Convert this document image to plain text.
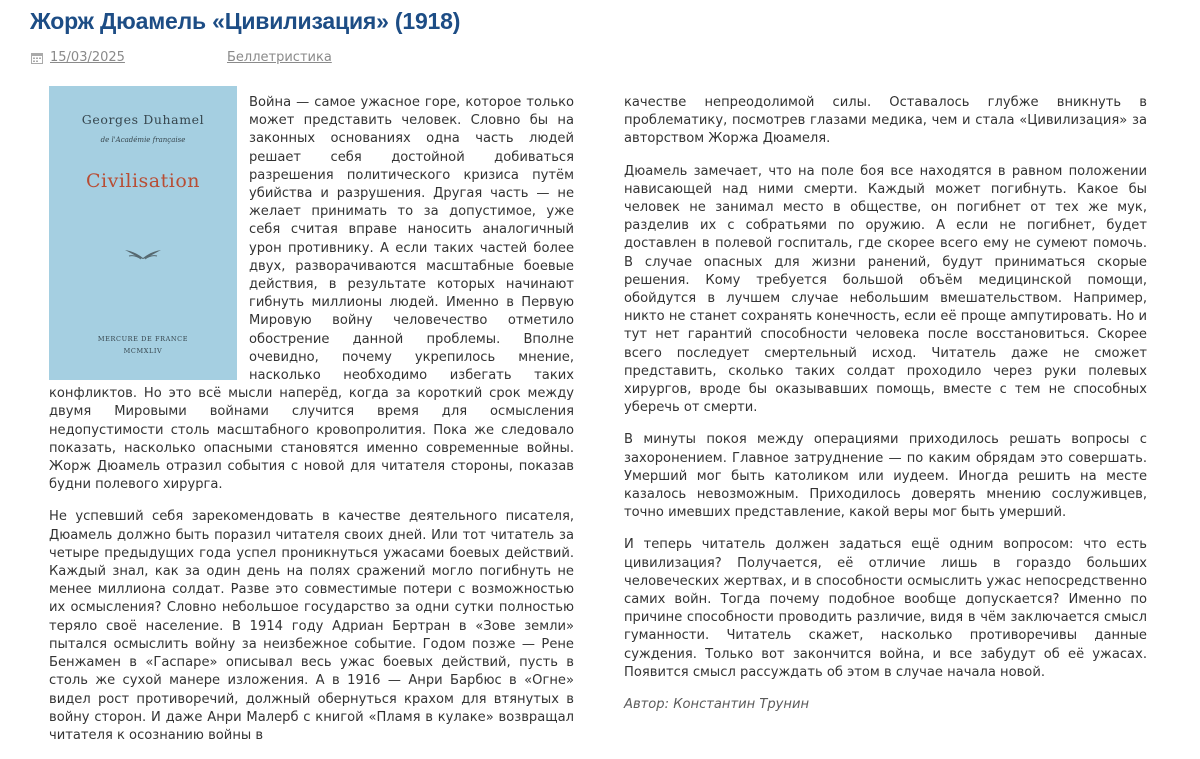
Жорж Дюамель «Цивилизация» (1918)
15/03/2025	Беллетристика
Georges Duhamel
de l'Académie française
Civilisation
MERCURE DE FRANCE
MCMXLIV

Война — самое ужасное горе, которое только может представить человек. Словно бы на законных основаниях одна часть людей решает себя достойной добиваться разрешения политического кризиса путём убийства и разрушения. Другая часть — не желает принимать то за допустимое, уже себя считая вправе наносить аналогичный урон противнику. А если таких частей более двух, разворачиваются масштабные боевые действия, в результате которых начинают гибнуть миллионы людей. Именно в Первую Мировую войну человечество отметило обострение данной проблемы. Вполне очевидно, почему укрепилось мнение, насколько необходимо избегать таких конфликтов. Но это всё мысли наперёд, когда за короткий срок между двумя Мировыми войнами случится время для осмысления недопустимости столь масштабного кровопролития. Пока же следовало показать, насколько опасными становятся именно современные войны. Жорж Дюамель отразил события с новой для читателя стороны, показав будни полевого хирурга.

Не успевший себя зарекомендовать в качестве деятельного писателя, Дюамель должно быть поразил читателя своих дней. Или тот читатель за четыре предыдущих года успел проникнуться ужасами боевых действий. Каждый знал, как за один день на полях сражений могло погибнуть не менее миллиона солдат. Разве это совместимые потери с возможностью их осмысления? Словно небольшое государство за одни сутки полностью теряло своё население. В 1914 году Адриан Бертран в «Зове земли» пытался осмыслить войну за неизбежное событие. Годом позже — Рене Бенжамен в «Гаспаре» описывал весь ужас боевых действий, пусть в столь же сухой манере изложения. А в 1916 — Анри Барбюс в «Огне» видел рост противоречий, должный обернуться крахом для втянутых в войну сторон. И даже Анри Малерб с книгой «Пламя в кулаке» возвращал читателя к осознанию войны в

качестве непреодолимой силы. Оставалось глубже вникнуть в проблематику, посмотрев глазами медика, чем и стала «Цивилизация» за авторством Жоржа Дюамеля.

Дюамель замечает, что на поле боя все находятся в равном положении нависающей над ними смерти. Каждый может погибнуть. Какое бы человек не занимал место в обществе, он погибнет от тех же мук, разделив их с собратьями по оружию. А если не погибнет, будет доставлен в полевой госпиталь, где скорее всего ему не сумеют помочь. В случае опасных для жизни ранений, будут приниматься скорые решения. Кому требуется большой объём медицинской помощи, обойдутся в лучшем случае небольшим вмешательством. Например, никто не станет сохранять конечность, если её проще ампутировать. Но и тут нет гарантий способности человека после восстановиться. Скорее всего последует смертельный исход. Читатель даже не сможет представить, сколько таких солдат проходило через руки полевых хирургов, вроде бы оказывавших помощь, вместе с тем не способных уберечь от смерти.

В минуты покоя между операциями приходилось решать вопросы с захоронением. Главное затруднение — по каким обрядам это совершать. Умерший мог быть католиком или иудеем. Иногда решить на месте казалось невозможным. Приходилось доверять мнению сослуживцев, точно имевших представление, какой веры мог быть умерший.

И теперь читатель должен задаться ещё одним вопросом: что есть цивилизация? Получается, её отличие лишь в гораздо больших человеческих жертвах, и в способности осмыслить ужас непосредственно самих войн. Тогда почему подобное вообще допускается? Именно по причине способности проводить различие, видя в чём заключается смысл гуманности. Читатель скажет, насколько противоречивы данные суждения. Только вот закончится война, и все забудут об её ужасах. Появится смысл рассуждать об этом в случае начала новой.

Автор: Константин Трунин
